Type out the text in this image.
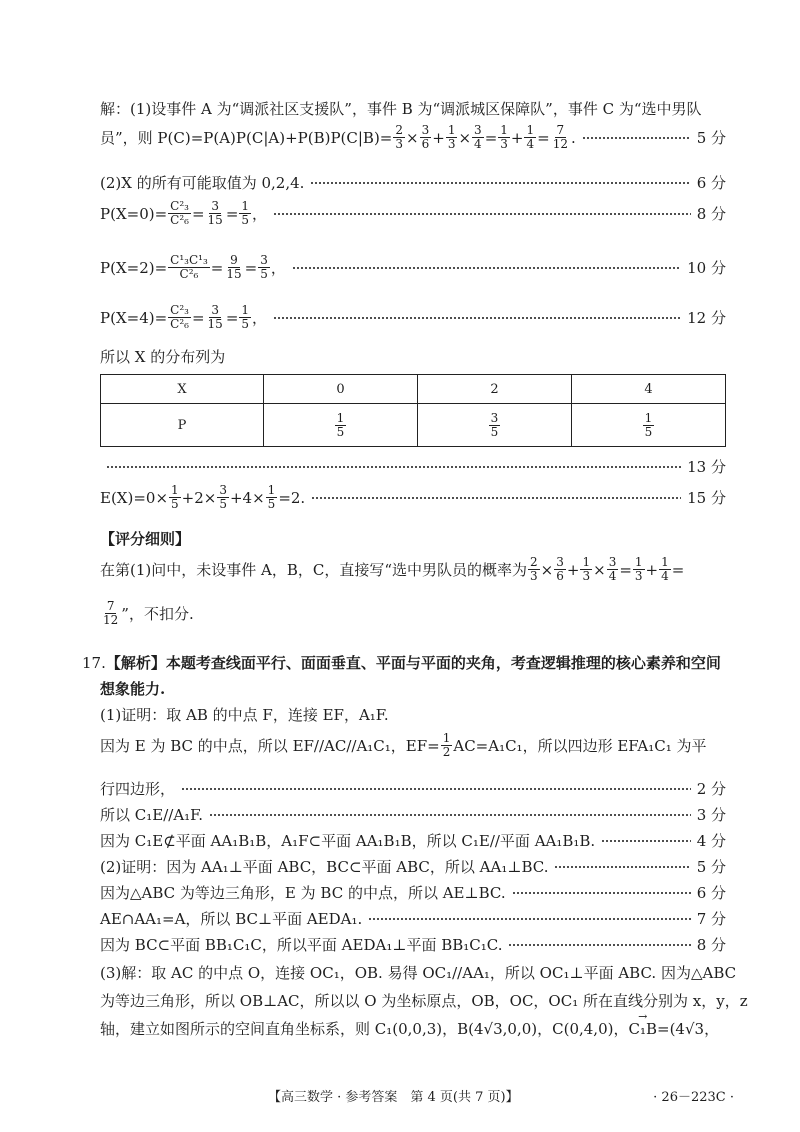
解：(1)设事件 A 为“调派社区支援队”，事件 B 为“调派城区保障队”，事件 C 为“选中男队
员”，则 $P(C)=P(A)P(C|A)+P(B)P(C|B)= \frac{2}{3} \times \frac{3}{6} + \frac{1}{3} \times \frac{3}{4} = \frac{1}{3} + \frac{1}{4} = \frac{7}{12}$ .	5 分
(2)X 的所有可能取值为 0,2,4.	6 分
$P(X=0)= \frac{\text{C²₃}}{\text{C²₆}} = \frac{3}{15} = \frac{1}{5}$ ，	8 分
$P(X=2)= \frac{\text{C¹₃C¹₃}}{\text{C²₆}} = \frac{9}{15} = \frac{3}{5}$ ，	10 分
$P(X=4)= \frac{\text{C²₃}}{\text{C²₆}} = \frac{3}{15} = \frac{1}{5}$ ，	12 分
所以 X 的分布列为
X	0	2	4
P	$\frac{1}{5}$	$\frac{3}{5}$	$\frac{1}{5}$
13 分
$E(X)=0\times \frac{1}{5} +2\times \frac{3}{5} +4\times \frac{1}{5} =2$.	15 分
【评分细则】
在第(1)问中，未设事件 A，B，C，直接写“选中男队员的概率为 $\frac{2}{3} \times \frac{3}{6} + \frac{1}{3} \times \frac{3}{4} = \frac{1}{3} + \frac{1}{4}$ =
$\frac{7}{12}$ ”，不扣分.
17.【解析】本题考查线面平行、面面垂直、平面与平面的夹角，考查逻辑推理的核心素养和空间
想象能力.
(1)证明：取 AB 的中点 F，连接 EF，A₁F.
因为 E 为 BC 的中点，所以 EF//AC//A₁C₁，$EF= \frac{1}{2} AC=A_1C_1$，所以四边形 EFA₁C₁ 为平
行四边形，	2 分
所以 C₁E//A₁F.	3 分
因为 C₁E⊄平面 AA₁B₁B，A₁F⊂平面 AA₁B₁B，所以 C₁E//平面 AA₁B₁B.	4 分
(2)证明：因为 AA₁⊥平面 ABC，BC⊂平面 ABC，所以 AA₁⊥BC.	5 分
因为△ABC 为等边三角形，E 为 BC 的中点，所以 AE⊥BC.	6 分
AE∩AA₁=A，所以 BC⊥平面 AEDA₁.	7 分
因为 BC⊂平面 BB₁C₁C，所以平面 AEDA₁⊥平面 BB₁C₁C.	8 分
(3)解：取 AC 的中点 O，连接 OC₁，OB. 易得 OC₁//AA₁，所以 OC₁⊥平面 ABC. 因为△ABC
为等边三角形，所以 OB⊥AC，所以以 O 为坐标原点，OB，OC，OC₁ 所在直线分别为 x，y，z
轴，建立如图所示的空间直角坐标系，则 C₁(0,0,3)，B(4√3,0,0)，C(0,4,0)，→ C₁B=(4√3，
【高三数学 · 参考答案　第 4 页(共 7 页)】	· 26－223C ·
